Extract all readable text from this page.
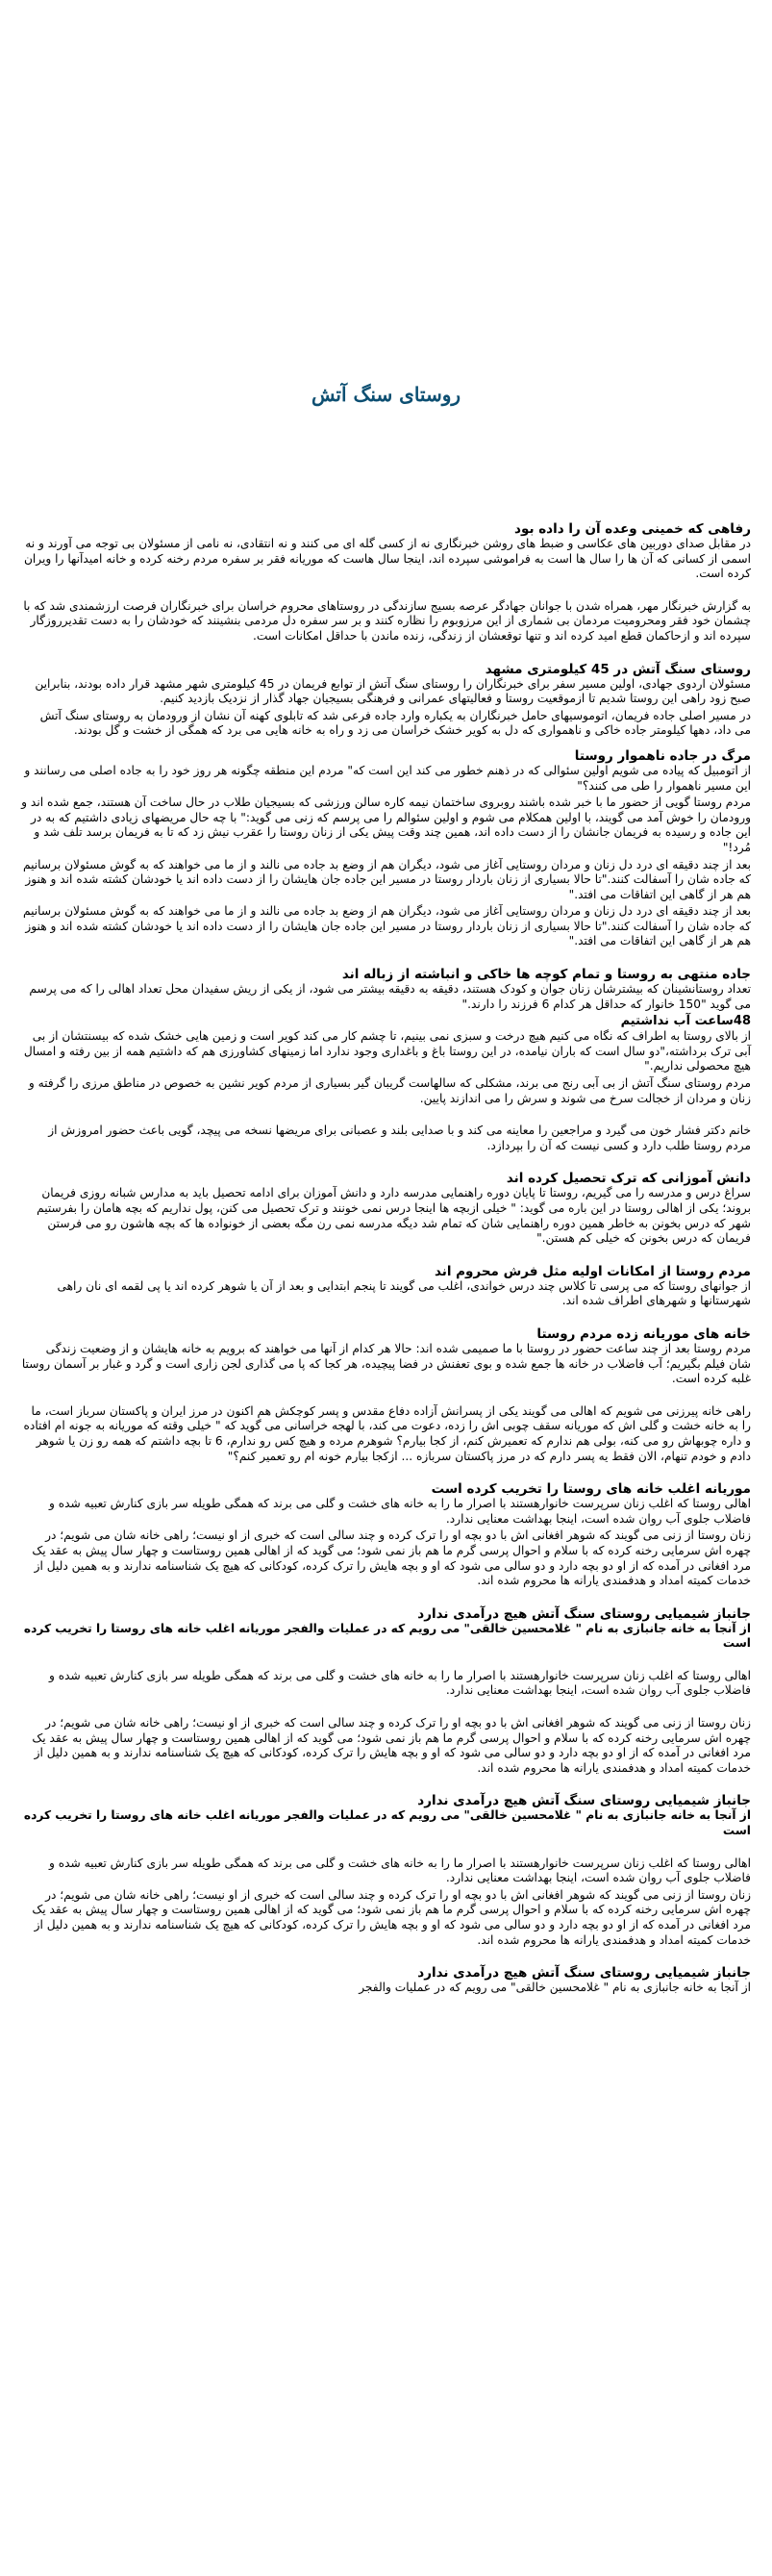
روستای سنگ آتش
رفاهی که خمینی وعده آن را داده بود

در مقابل صدای دوربین های عکاسی و ضبط های روشن خبرنگاری نه از کسی گله ای می کنند و نه انتقادی، نه نامی از مسئولان بی توجه می آورند و نه اسمی از کسانی که آن ها را سال ها است به فراموشی سپرده اند، اینجا سال هاست که موریانه فقر بر سفره مردم رخنه کرده و خانه امیدآنها را ویران کرده است.

به گزارش خبرنگار مهر، همراه شدن با جوانان جهادگر عرصه بسیج سازندگی در روستاهای محروم خراسان برای خبرنگاران فرصت ارزشمندی شد که با چشمان خود فقر ومحرومیت مردمان بی شماری از این مرزوبوم را نظاره کنند و بر سر سفره دل مردمی بنشینند که خودشان را به دست تقدیرروزگار سپرده اند و ازحاکمان قطع امید کرده اند و تنها توقعشان از زندگی، زنده ماندن با حداقل امکانات است.

روستای سنگ آتش در 45 کیلومتری مشهد

مسئولان اردوی جهادی، اولین مسیر سفر برای خبرنگاران را روستای سنگ آتش از توابع فریمان در 45 کیلومتری شهر مشهد قرار داده بودند، بنابراین صبح زود راهی این روستا شدیم تا ازموقعیت روستا و فعالیتهای عمرانی و فرهنگی بسیجیان جهاد گذار از نزدیک بازدید کنیم.

در مسیر اصلی جاده فریمان، اتوموسیهای حامل خبرنگاران به یکباره وارد جاده فرعی شد که تابلوی کهنه آن نشان از ورودمان به روستای سنگ آتش می داد، دهها کیلومتر جاده خاکی و ناهمواری که دل به کویر خشک خراسان می زد و راه به خانه هایی می برد که همگی از خشت و گل بودند.

مرگ در جاده ناهموار روستا

از اتومبیل که پیاده می شویم اولین سئوالی که در ذهنم خطور می کند این است که" مردم این منطقه چگونه هر روز خود را به جاده اصلی می رسانند و این مسیر ناهموار را طی می کنند؟"

مردم روستا گویی از حضور ما با خبر شده باشند روبروی ساختمان نیمه کاره سالن ورزشی که بسیجیان طلاب در حال ساخت آن هستند، جمع شده اند و ورودمان را خوش آمد می گویند، با اولین همکلام می شوم و اولین سئوالم را می پرسم که زنی می گوید:" با چه حال مریضهای زیادی داشتیم که به در این جاده و رسیده به فریمان جانشان را از دست داده اند، همین چند وقت پیش یکی از زنان روستا را عقرب نیش زد که تا به فریمان برسد تلف شد و مُرد!"

بعد از چند دقیقه ای درد دل زنان و مردان روستایی آغاز می شود، دیگران هم از وضع بد جاده می نالند و از ما می خواهند که به گوش مسئولان برسانیم که جاده شان را آسفالت کنند."تا حالا بسیاری از زنان باردار روستا در مسیر این جاده جان هایشان را از دست داده اند یا خودشان کشته شده اند و هنوز هم هر از گاهی این اتفاقات می افتد."

بعد از چند دقیقه ای درد دل زنان و مردان روستایی آغاز می شود، دیگران هم از وضع بد جاده می نالند و از ما می خواهند که به گوش مسئولان برسانیم که جاده شان را آسفالت کنند."تا حالا بسیاری از زنان باردار روستا در مسیر این جاده جان هایشان را از دست داده اند یا خودشان کشته شده اند و هنوز هم هر از گاهی این اتفاقات می افتد."

جاده منتهی به روستا و تمام کوچه ها خاکی و انباشته از زباله اند

تعداد روستانشینان که بیشترشان زنان جوان و کودک هستند، دقیقه به دقیقه بیشتر می شود، از یکی از ریش سفیدان محل تعداد اهالی را که می پرسم می گوید "150 خانوار که حداقل هر کدام 6 فرزند را دارند."

48ساعت آب نداشتیم

از بالای روستا به اطراف که نگاه می کنیم هیچ درخت و سبزی نمی بینیم، تا چشم کار می کند کویر است و زمین هایی خشک شده که بیسنتشان از بی آبی ترک برداشته،"دو سال است که باران نیامده، در این روستا باغ و باغداری وجود ندارد اما زمینهای کشاورزی هم که داشتیم همه از بین رفته و امسال هیچ محصولی نداریم."

مردم روستای سنگ آتش از بی آبی رنج می برند، مشکلی که سالهاست گریبان گیر بسیاری از مردم کویر نشین به خصوص در مناطق مرزی را گرفته و زنان و مردان از خجالت سرخ می شوند و سرش را می اندازند پایین.

خانم دکتر فشار خون می گیرد و مراجعین را معاینه می کند و با صدایی بلند و عصبانی برای مریضها نسخه می پیچد، گویی باعث حضور امروزش از مردم روستا طلب دارد و کسی نیست که آن را بپردازد.

دانش آموزانی که ترک تحصیل کرده اند

سراغ درس و مدرسه را می گیریم، روستا تا پایان دوره راهنمایی مدرسه دارد و دانش آموزان برای ادامه تحصیل باید به مدارس شبانه روزی فریمان بروند؛ یکی از اهالی روستا در این باره می گوید: " خیلی ازبچه ها اینجا درس نمی خونند و ترک تحصیل می کنن، پول نداریم که بچه هامان را بفرستیم شهر که درس بخونن به خاطر همین دوره راهنمایی شان که تمام شد دیگه مدرسه نمی رن مگه بعضی از خونواده ها که بچه هاشون رو می فرستن فریمان که درس بخونن که خیلی کم هستن."

مردم روستا از امکانات اولیه مثل فرش محروم اند

از جوانهای روستا که می پرسی تا کلاس چند درس خواندی، اغلب می گویند تا پنجم ابتدایی و بعد از آن یا شوهر کرده اند یا پی لقمه ای نان راهی شهرستانها و شهرهای اطراف شده اند.

خانه های موریانه زده مردم روستا

مردم روستا بعد از چند ساعت حضور در روستا با ما صمیمی شده اند: حالا هر کدام از آنها می خواهند که برویم به خانه هایشان و از وضعیت زندگی شان فیلم بگیریم؛ آب فاضلاب در خانه ها جمع شده و بوی تعفنش در فضا پیچیده، هر کجا که پا می گذاری لجن زاری است و گرد و غبار بر آسمان روستا غلبه کرده است.

راهی خانه پیرزنی می شویم که اهالی می گویند یکی از پسرانش آزاده دفاع مقدس و پسر کوچکش هم اکنون در مرز ایران و پاکستان سرباز است، ما را به خانه خشت و گلی اش که موریانه سقف چوبی اش را زده، دعوت می کند، با لهجه خراسانی می گوید که " خیلی وقته که موریانه به جونه ام افتاده و داره چوبهاش رو می کنه، بولی هم ندارم که تعمیرش کنم، از کجا بیارم؟ شوهرم مرده و هیچ کس رو ندارم، 6 تا بچه داشتم که همه رو زن یا شوهر دادم و خودم تنهام، الان فقط یه پسر دارم که در مرز پاکستان سربازه ... ازکجا بیارم خونه ام رو تعمیر کنم؟"

موریانه اغلب خانه های روستا را تخریب کرده است

اهالی روستا که اغلب زنان سرپرست خانوارهستند با اصرار ما را به خانه های خشت و گلی می برند که همگی طویله سر بازی کنارش تعبیه شده و فاضلاب جلوی آب روان شده است، اینجا بهداشت معنایی ندارد.

زنان روستا از زنی می گویند که شوهر افغانی اش با دو بچه او را ترک کرده و چند سالی است که خبری از او نیست؛ راهی خانه شان می شویم؛ در چهره اش سرمایی رخنه کرده که با سلام و احوال پرسی گرم ما هم باز نمی شود؛ می گوید که از اهالی همین روستاست و چهار سال پیش به عقد یک مرد افغانی در آمده که از او دو بچه دارد و دو سالی می شود که او و بچه هایش را ترک کرده، کودکانی که هیچ یک شناسنامه ندارند و به همین دلیل از خدمات کمیته امداد و هدفمندی یارانه ها محروم شده اند.

جانباز شیمیایی روستای سنگ آتش هیچ درآمدی ندارد

از آنجا به خانه جانبازی به نام " غلامحسین خالقی" می رویم که در عملیات والفجر موریانه اغلب خانه های روستا را تخریب کرده است

اهالی روستا که اغلب زنان سرپرست خانوارهستند با اصرار ما را به خانه های خشت و گلی می برند که همگی طویله سر بازی کنارش تعبیه شده و فاضلاب جلوی آب روان شده است، اینجا بهداشت معنایی ندارد.

زنان روستا از زنی می گویند که شوهر افغانی اش با دو بچه او را ترک کرده و چند سالی است که خبری از او نیست؛ راهی خانه شان می شویم؛ در چهره اش سرمایی رخنه کرده که با سلام و احوال پرسی گرم ما هم باز نمی شود؛ می گوید که از اهالی همین روستاست و چهار سال پیش به عقد یک مرد افغانی در آمده که از او دو بچه دارد و دو سالی می شود که او و بچه هایش را ترک کرده، کودکانی که هیچ یک شناسنامه ندارند و به همین دلیل از خدمات کمیته امداد و هدفمندی یارانه ها محروم شده اند.

جانباز شیمیایی روستای سنگ آتش هیچ درآمدی ندارد

از آنجا به خانه جانبازی به نام " غلامحسین خالقی" می رویم که در عملیات والفجر موریانه اغلب خانه های روستا را تخریب کرده است

اهالی روستا که اغلب زنان سرپرست خانوارهستند با اصرار ما را به خانه های خشت و گلی می برند که همگی طویله سر بازی کنارش تعبیه شده و فاضلاب جلوی آب روان شده است، اینجا بهداشت معنایی ندارد.

زنان روستا از زنی می گویند که شوهر افغانی اش با دو بچه او را ترک کرده و چند سالی است که خبری از او نیست؛ راهی خانه شان می شویم؛ در چهره اش سرمایی رخنه کرده که با سلام و احوال پرسی گرم ما هم باز نمی شود؛ می گوید که از اهالی همین روستاست و چهار سال پیش به عقد یک مرد افغانی در آمده که از او دو بچه دارد و دو سالی می شود که او و بچه هایش را ترک کرده، کودکانی که هیچ یک شناسنامه ندارند و به همین دلیل از خدمات کمیته امداد و هدفمندی یارانه ها محروم شده اند.

جانباز شیمیایی روستای سنگ آتش هیچ درآمدی ندارد

از آنجا به خانه جانبازی به نام " غلامحسین خالقی" می رویم که در عملیات والفجر
